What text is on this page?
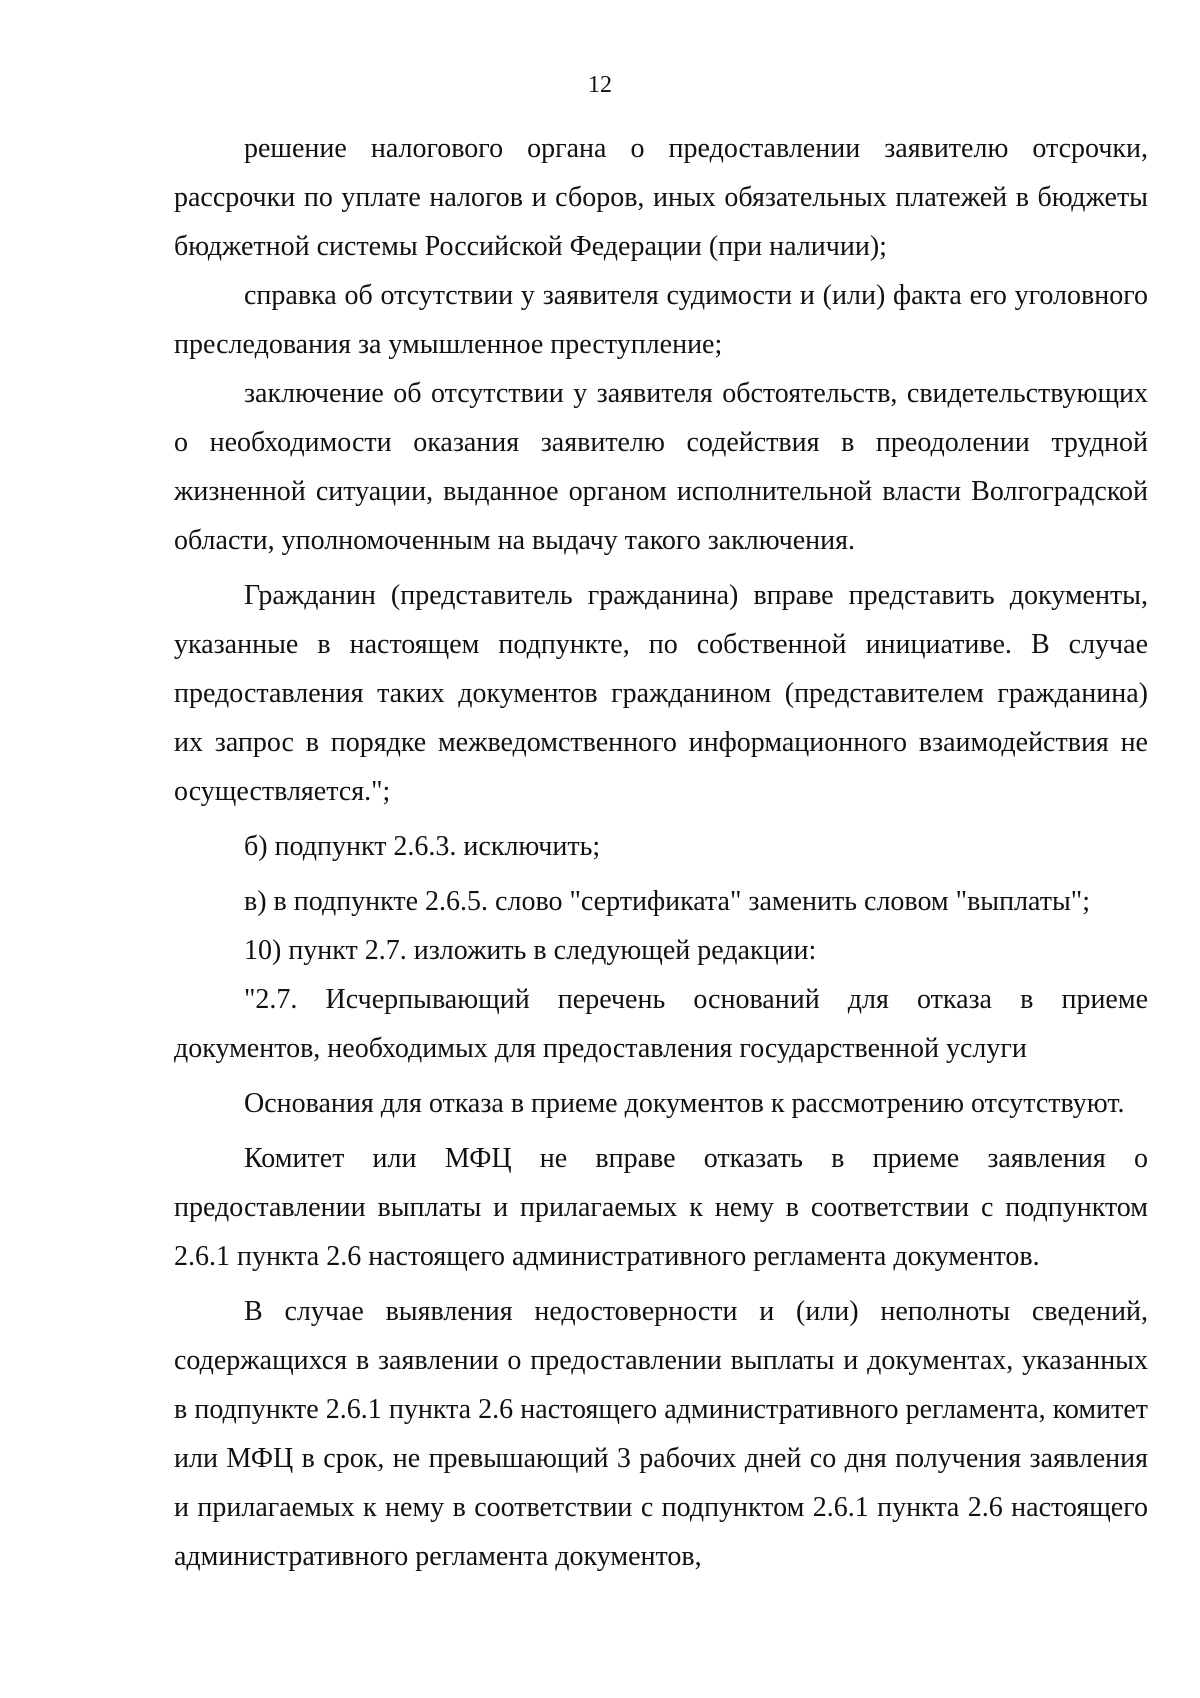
12

решение налогового органа о предоставлении заявителю отсрочки, рассрочки по уплате налогов и сборов, иных обязательных платежей в бюджеты бюджетной системы Российской Федерации (при наличии);

справка об отсутствии у заявителя судимости и (или) факта его уголовного преследования за умышленное преступление;

заключение об отсутствии у заявителя обстоятельств, свидетельствующих о необходимости оказания заявителю содействия в преодолении трудной жизненной ситуации, выданное органом исполнительной власти Волгоградской области, уполномоченным на выдачу такого заключения.

Гражданин (представитель гражданина) вправе представить документы, указанные в настоящем подпункте, по собственной инициативе. В случае предоставления таких документов гражданином (представителем гражданина) их запрос в порядке межведомственного информационного взаимодействия не осуществляется.";

б) подпункт 2.6.3. исключить;

в) в подпункте 2.6.5. слово "сертификата" заменить словом "выплаты";

10) пункт 2.7. изложить в следующей редакции:

"2.7. Исчерпывающий перечень оснований для отказа в приеме документов, необходимых для предоставления государственной услуги

Основания для отказа в приеме документов к рассмотрению отсутствуют.

Комитет или МФЦ не вправе отказать в приеме заявления о предоставлении выплаты и прилагаемых к нему в соответствии с подпунктом 2.6.1 пункта 2.6 настоящего административного регламента документов.

В случае выявления недостоверности и (или) неполноты сведений, содержащихся в заявлении о предоставлении выплаты и документах, указанных в подпункте 2.6.1 пункта 2.6 настоящего административного регламента, комитет или МФЦ в срок, не превышающий 3 рабочих дней со дня получения заявления и прилагаемых к нему в соответствии с подпунктом 2.6.1 пункта 2.6 настоящего административного регламента документов,
